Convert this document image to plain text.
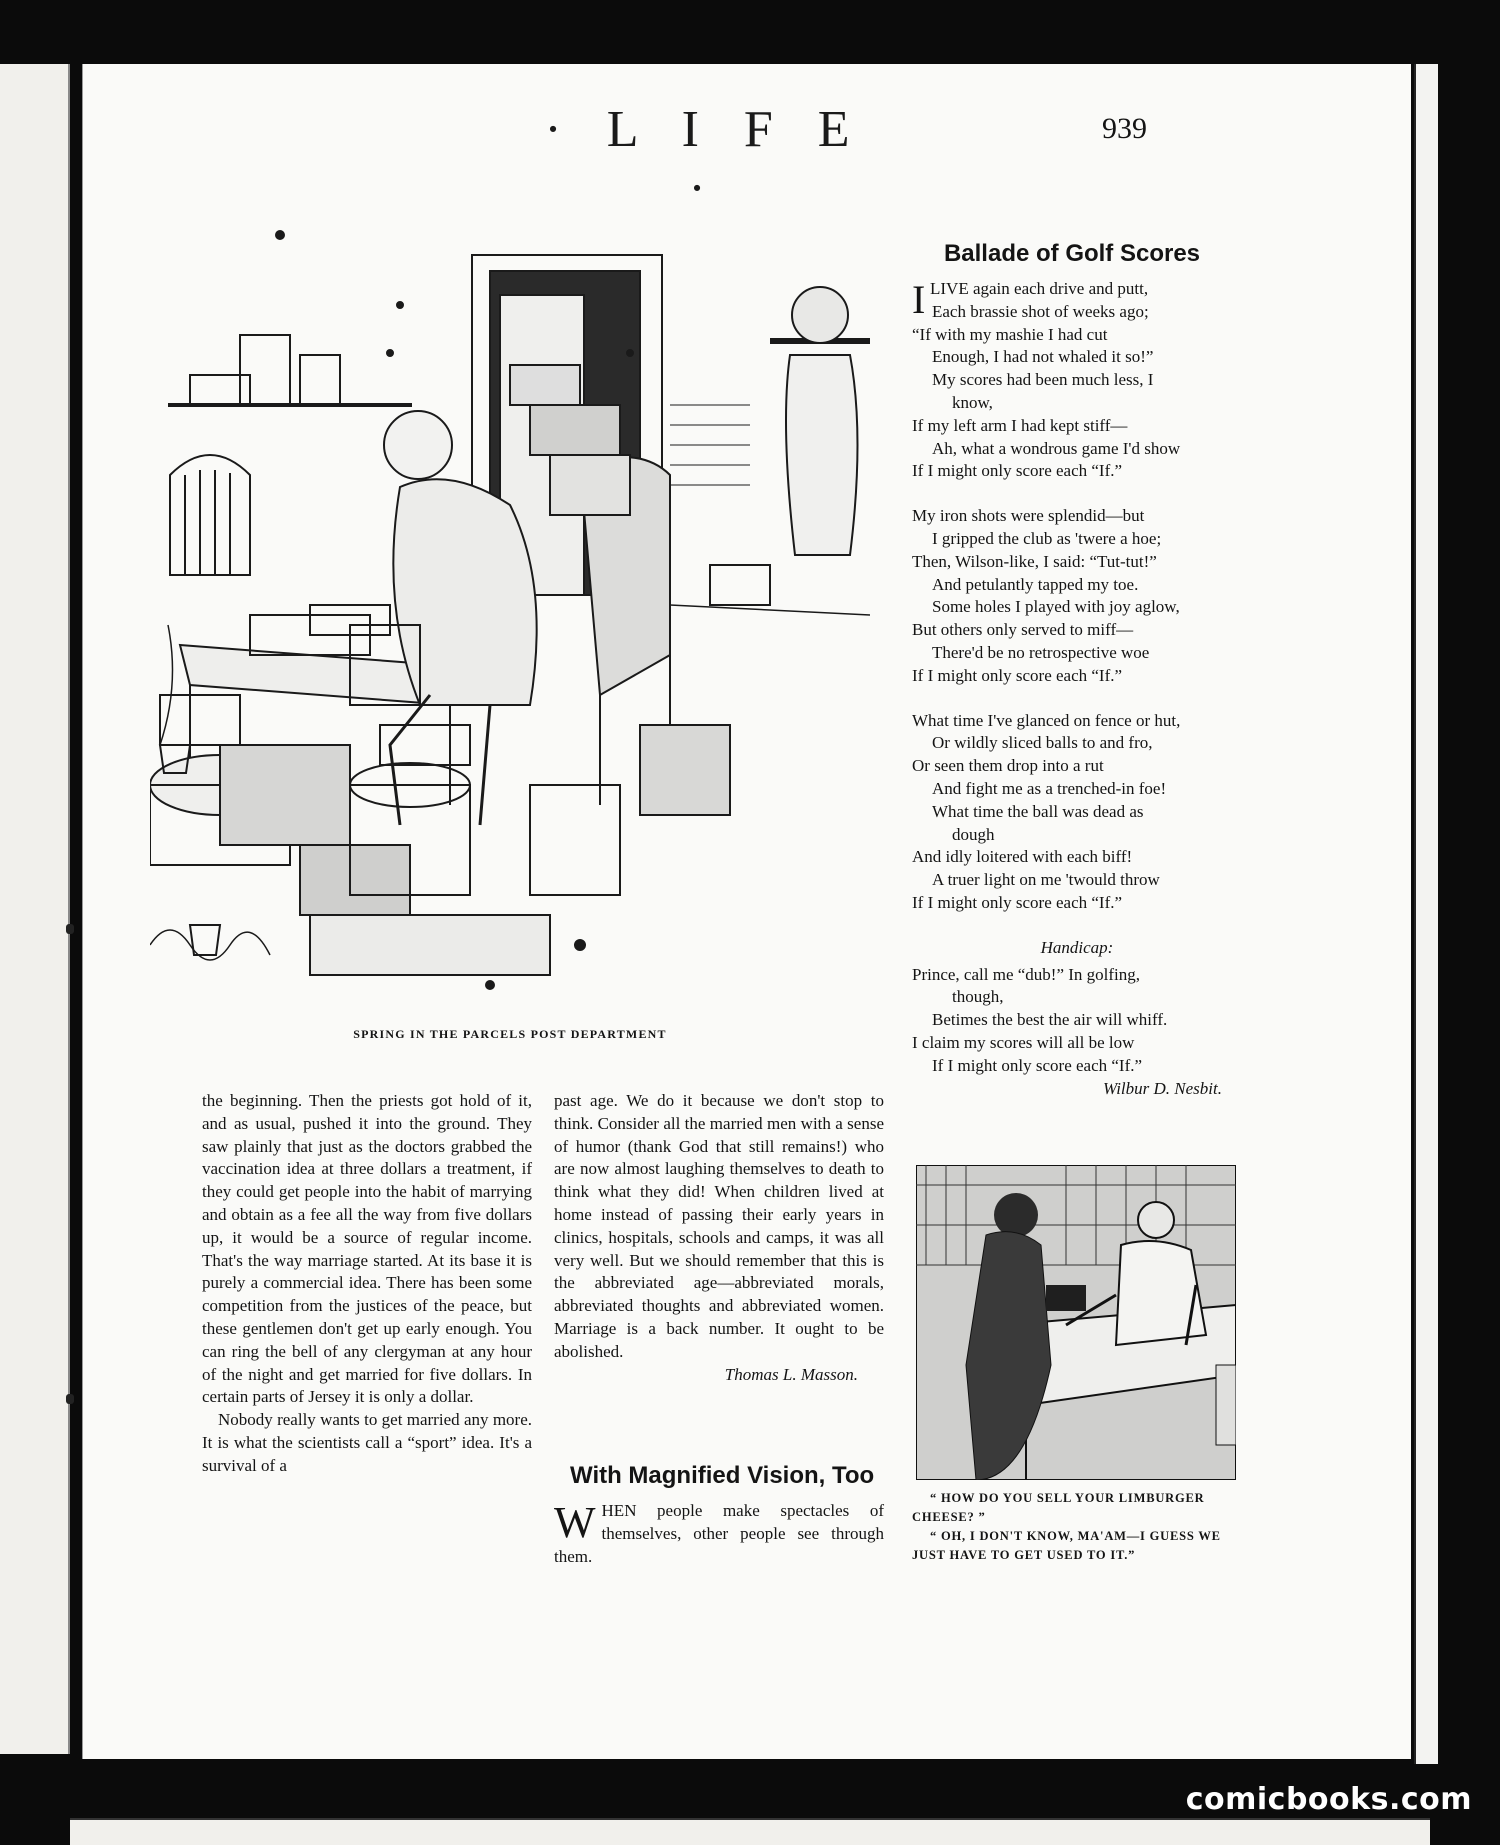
· L I F E ·
939
SPRING IN THE PARCELS POST DEPARTMENT
Ballade of Golf Scores
I LIVE again each drive and putt,
Each brassie shot of weeks ago;
“If with my mashie I had cut
Enough, I had not whaled it so!”
My scores had been much less, I
know,
If my left arm I had kept stiff—
Ah, what a wondrous game I'd show
If I might only score each “If.”
My iron shots were splendid—but
I gripped the club as 'twere a hoe;
Then, Wilson-like, I said: “Tut-tut!”
And petulantly tapped my toe.
Some holes I played with joy aglow,
But others only served to miff—
There'd be no retrospective woe
If I might only score each “If.”
What time I've glanced on fence or hut,
Or wildly sliced balls to and fro,
Or seen them drop into a rut
And fight me as a trenched-in foe!
What time the ball was dead as
dough
And idly loitered with each biff!
A truer light on me 'twould throw
If I might only score each “If.”
Handicap:
Prince, call me “dub!” In golfing,
though,
Betimes the best the air will whiff.
I claim my scores will all be low
If I might only score each “If.”
Wilbur D. Nesbit.

“ HOW DO YOU SELL YOUR LIMBURGER CHEESE? ”

“ OH, I DON'T KNOW, MA'AM—I GUESS WE JUST HAVE TO GET USED TO IT.”

the beginning. Then the priests got hold of it, and as usual, pushed it into the ground. They saw plainly that just as the doctors grabbed the vaccination idea at three dollars a treatment, if they could get people into the habit of marrying and obtain as a fee all the way from five dollars up, it would be a source of regular income. That's the way marriage started. At its base it is purely a commercial idea. There has been some competition from the justices of the peace, but these gentlemen don't get up early enough. You can ring the bell of any clergyman at any hour of the night and get married for five dollars. In certain parts of Jersey it is only a dollar.

Nobody really wants to get married any more. It is what the scientists call a “sport” idea. It's a survival of a

past age. We do it because we don't stop to think. Consider all the married men with a sense of humor (thank God that still remains!) who are now almost laughing themselves to death to think what they did! When children lived at home instead of passing their early years in clinics, hospitals, schools and camps, it was all very well. But we should remember that this is the abbreviated age—abbreviated morals, abbreviated thoughts and abbreviated women. Marriage is a back number. It ought to be abolished.

Thomas L. Masson.

With Magnified Vision, Too
W HEN people make spectacles of themselves, other people see through them.
comicbooks.com
